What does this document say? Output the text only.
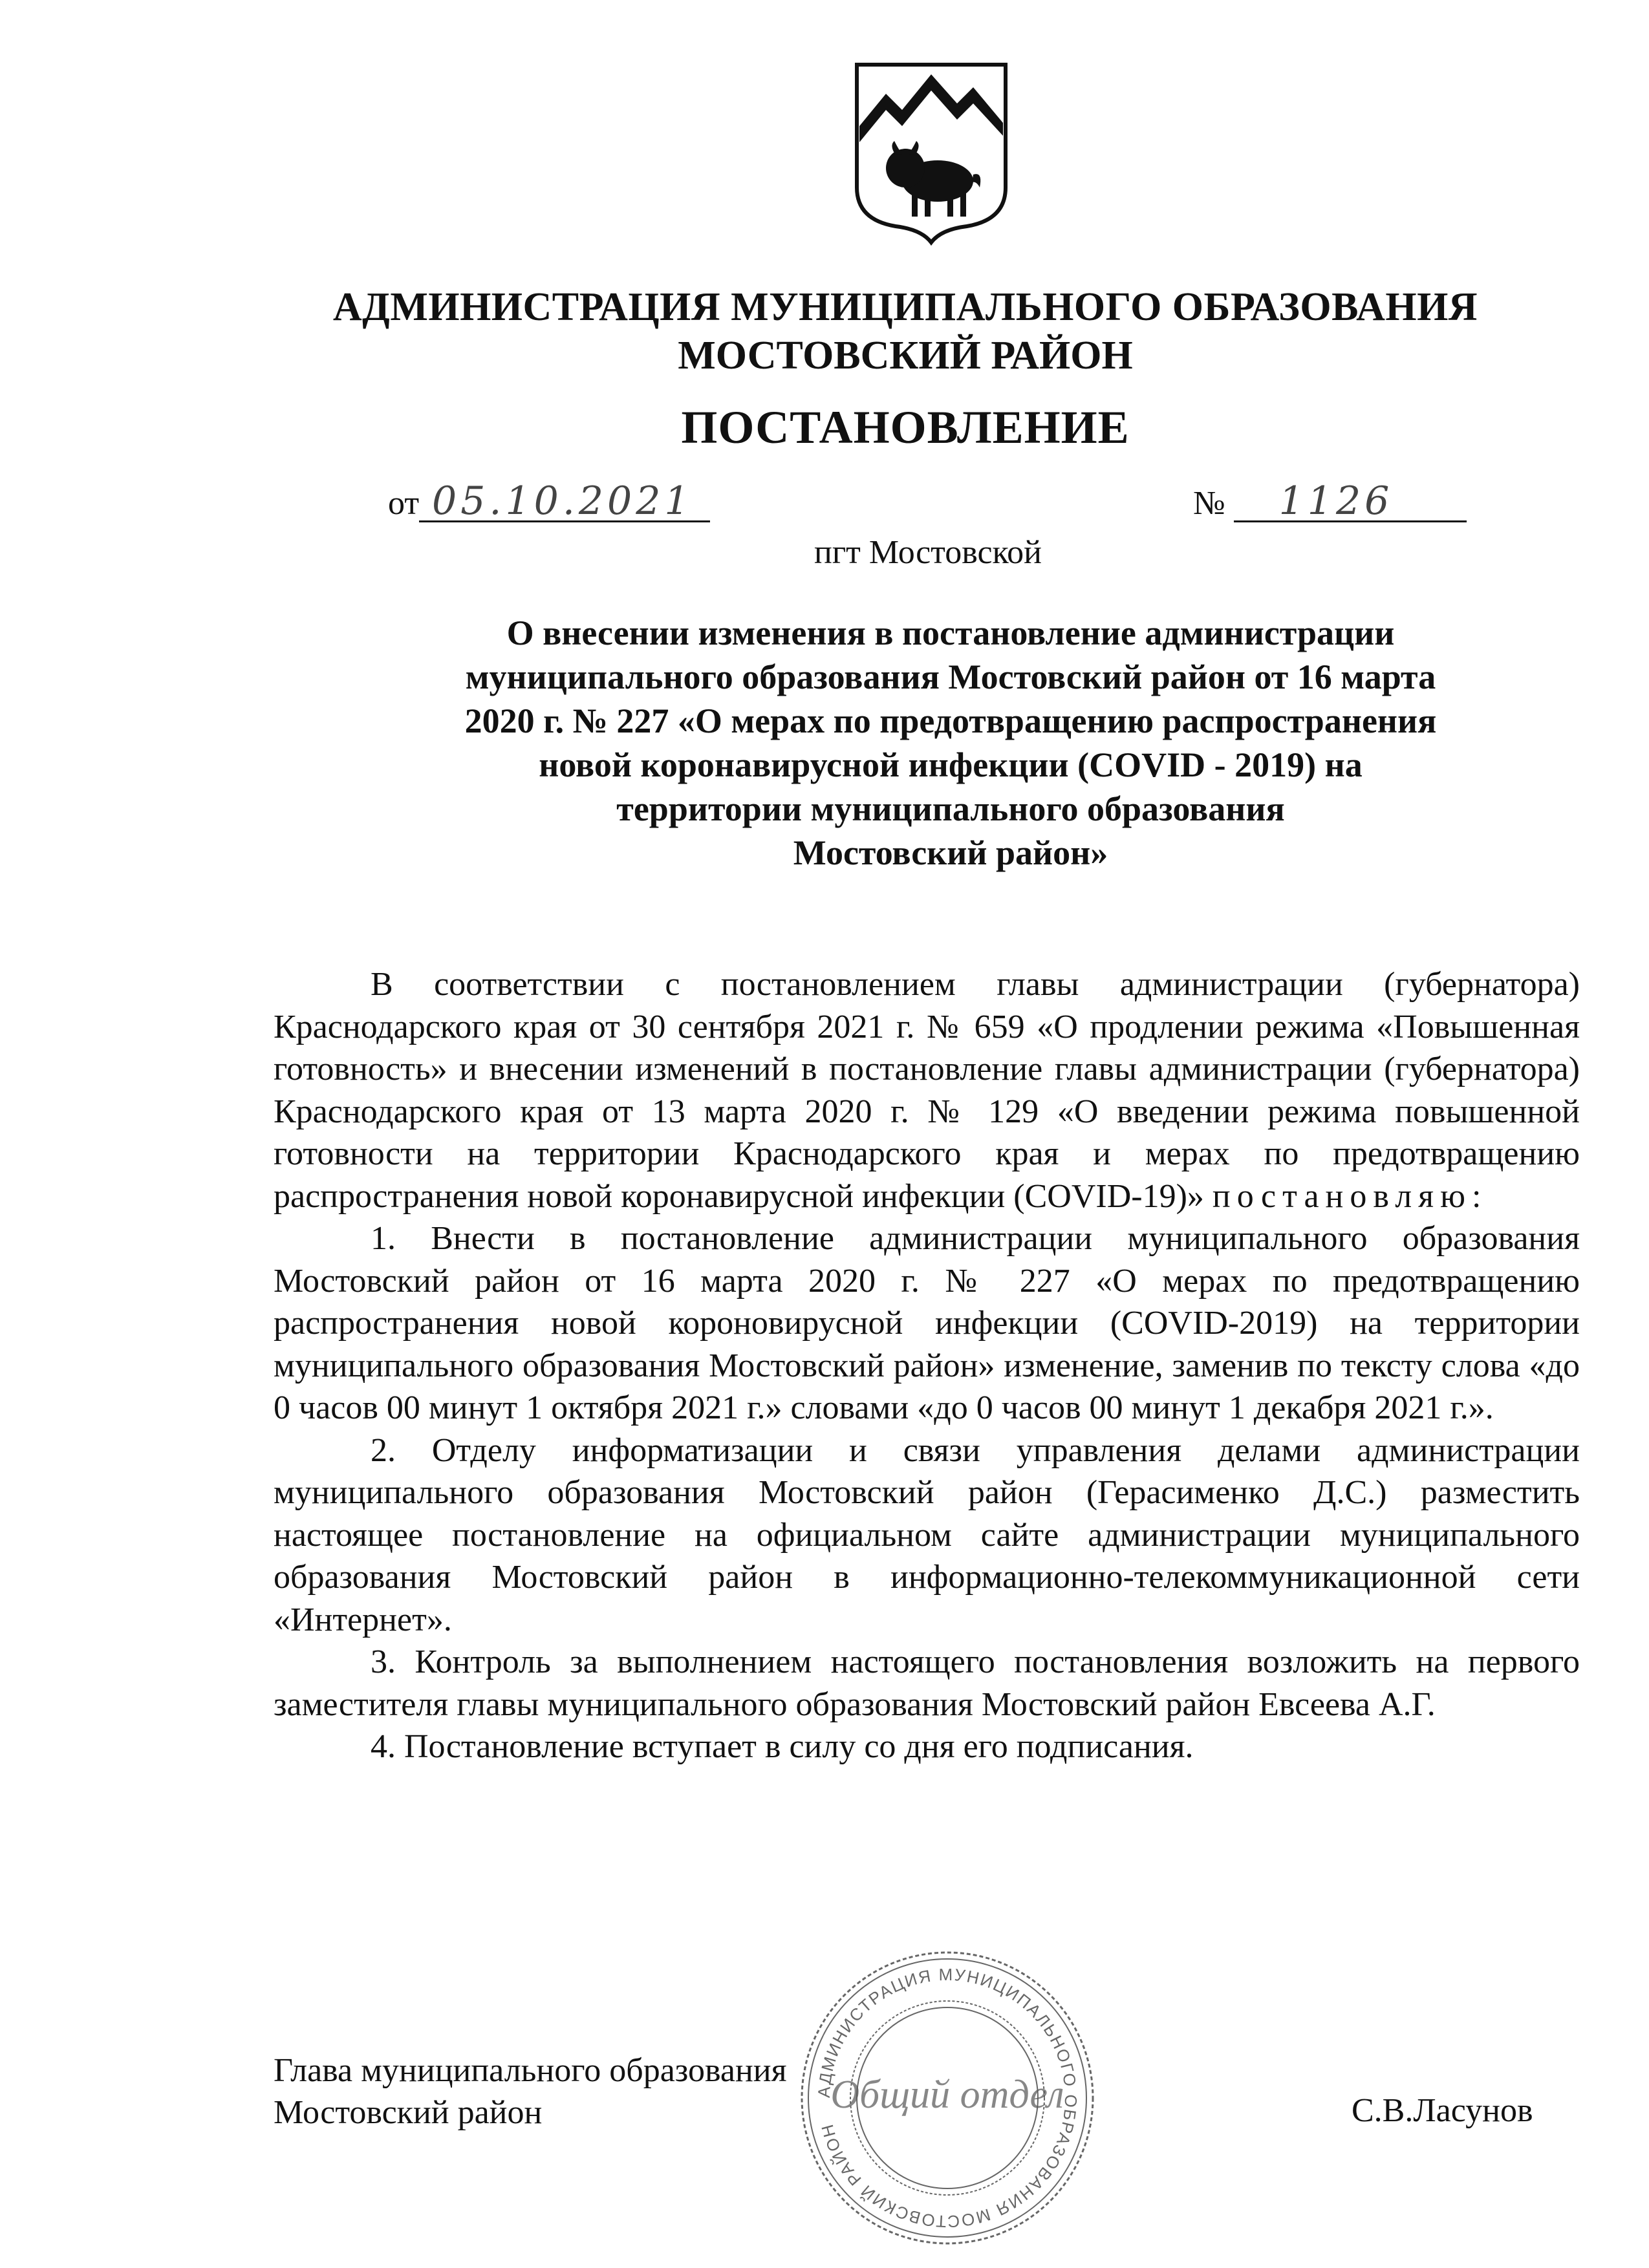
АДМИНИСТРАЦИЯ МУНИЦИПАЛЬНОГО ОБРАЗОВАНИЯ
МОСТОВСКИЙ РАЙОН
ПОСТАНОВЛЕНИЕ
от 05.10.2021	№ 1126
пгт Мостовской
О внесении изменения в постановление администрации
муниципального образования Мостовский район от 16 марта
2020 г. № 227 «О мерах по предотвращению распространения
новой коронавирусной инфекции (COVID - 2019) на
территории муниципального образования
Мостовский район»

В соответствии с постановлением главы администрации (губернатора) Краснодарского края от 30 сентября 2021 г. № 659 «О продлении режима «Повышенная готовность» и внесении изменений в постановление главы администрации (губернатора) Краснодарского края от 13 марта 2020 г. № 129 «О введении режима повышенной готовности на территории Краснодарского края и мерах по предотвращению распространения новой коронавирусной инфекции (COVID-19)» постановляю:

1. Внести в постановление администрации муниципального образования Мостовский район от 16 марта 2020 г. № 227 «О мерах по предотвращению распространения новой короновирусной инфекции (COVID-2019) на территории муниципального образования Мостовский район» изменение, заменив по тексту слова «до 0 часов 00 минут 1 октября 2021 г.» словами «до 0 часов 00 минут 1 декабря 2021 г.».

2. Отделу информатизации и связи управления делами администрации муниципального образования Мостовский район (Герасименко Д.С.) разместить настоящее постановление на официальном сайте администрации муниципального образования Мостовский район в информационно-телекоммуникационной сети «Интернет».

3. Контроль за выполнением настоящего постановления возложить на первого заместителя главы муниципального образования Мостовский район Евсеева А.Г.

4. Постановление вступает в силу со дня его подписания.

Глава муниципального образования
Мостовский район	С.В.Ласунов
АДМИНИСТРАЦИЯ МУНИЦИПАЛЬНОГО ОБРАЗОВАНИЯ МОСТОВСКИЙ РАЙОН
Общий отдел
